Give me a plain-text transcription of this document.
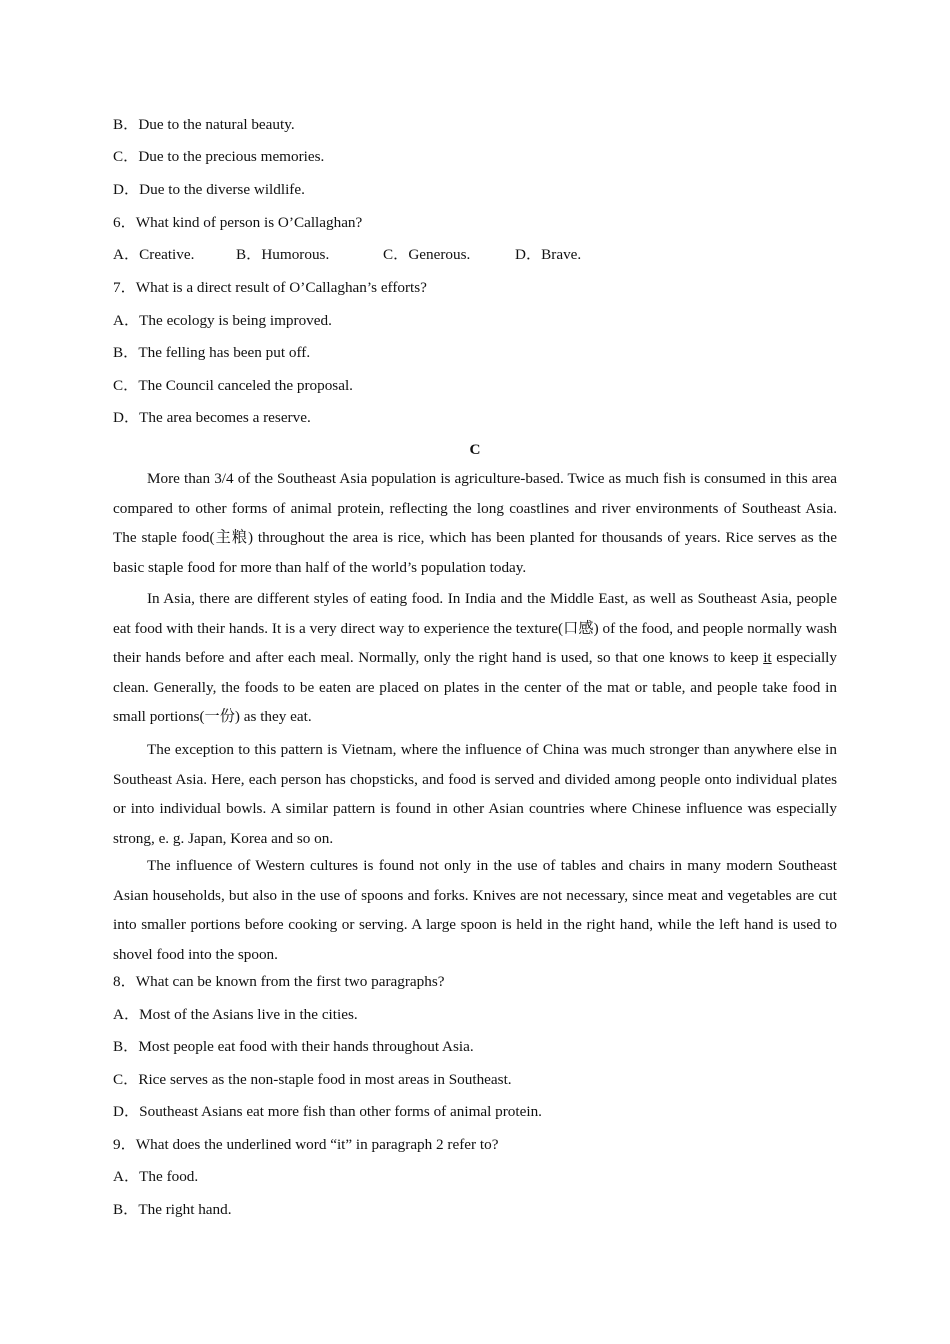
B．Due to the natural beauty.
C．Due to the precious memories.
D．Due to the diverse wildlife.
6．What kind of person is O’Callaghan?
A．Creative.	B．Humorous.	C．Generous.	D．Brave.
7．What is a direct result of O’Callaghan’s efforts?
A．The ecology is being improved.
B．The felling has been put off.
C．The Council canceled the proposal.
D．The area becomes a reserve.
C

More than 3/4 of the Southeast Asia population is agriculture-based. Twice as much fish is consumed in this area compared to other forms of animal protein, reflecting the long coastlines and river environments of Southeast Asia. The staple food(主粮) throughout the area is rice, which has been planted for thousands of years. Rice serves as the basic staple food for more than half of the world’s population today.

In Asia, there are different styles of eating food. In India and the Middle East, as well as Southeast Asia, people eat food with their hands. It is a very direct way to experience the texture(口感) of the food, and people normally wash their hands before and after each meal. Normally, only the right hand is used, so that one knows to keep it especially clean. Generally, the foods to be eaten are placed on plates in the center of the mat or table, and people take food in small portions(一份) as they eat.

The exception to this pattern is Vietnam, where the influence of China was much stronger than anywhere else in Southeast Asia. Here, each person has chopsticks, and food is served and divided among people onto individual plates or into individual bowls. A similar pattern is found in other Asian countries where Chinese influence was especially strong, e. g. Japan, Korea and so on.

The influence of Western cultures is found not only in the use of tables and chairs in many modern Southeast Asian households, but also in the use of spoons and forks. Knives are not necessary, since meat and vegetables are cut into smaller portions before cooking or serving. A large spoon is held in the right hand, while the left hand is used to shovel food into the spoon.

8．What can be known from the first two paragraphs?
A．Most of the Asians live in the cities.
B．Most people eat food with their hands throughout Asia.
C．Rice serves as the non-staple food in most areas in Southeast.
D．Southeast Asians eat more fish than other forms of animal protein.
9．What does the underlined word “it” in paragraph 2 refer to?
A．The food.
B．The right hand.
